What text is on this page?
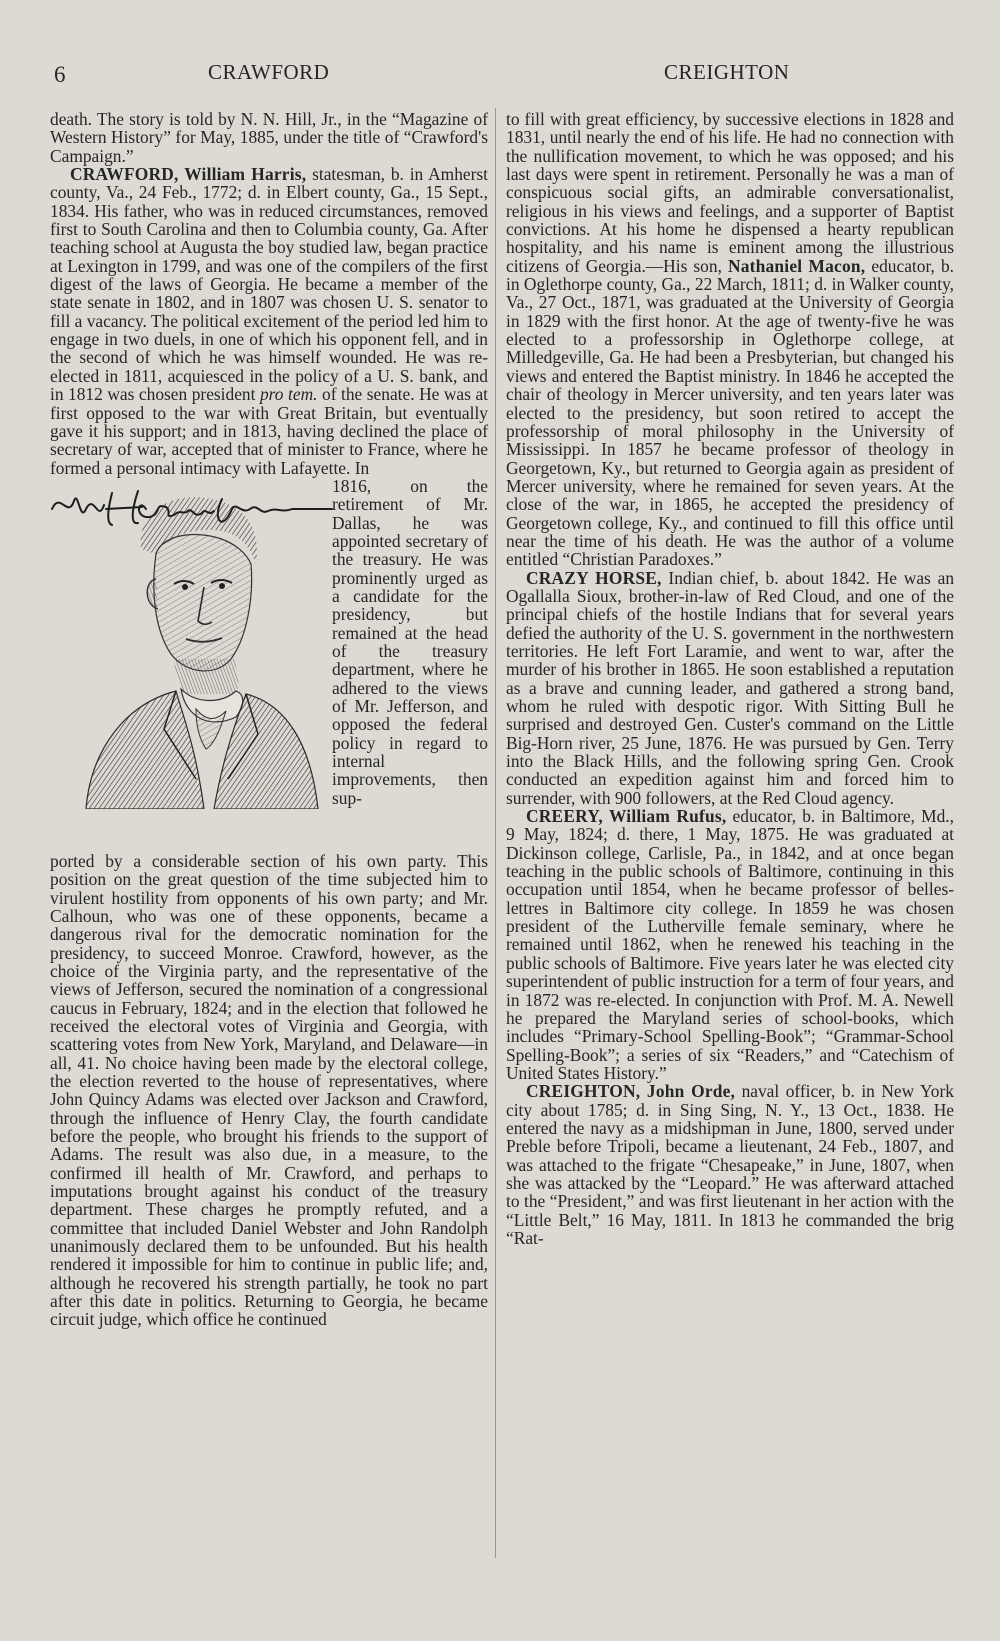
6	CRAWFORD	CREIGHTON

death. The story is told by N. N. Hill, Jr., in the “Magazine of Western History” for May, 1885, under the title of “Crawford's Campaign.”

CRAWFORD, William Harris, statesman, b. in Amherst county, Va., 24 Feb., 1772; d. in Elbert county, Ga., 15 Sept., 1834. His father, who was in reduced circumstances, removed first to South Carolina and then to Columbia county, Ga. After teaching school at Augusta the boy studied law, began practice at Lexington in 1799, and was one of the compilers of the first digest of the laws of Georgia. He became a member of the state senate in 1802, and in 1807 was chosen U. S. senator to fill a vacancy. The political excitement of the period led him to engage in two duels, in one of which his opponent fell, and in the second of which he was himself wounded. He was re-elected in 1811, acquiesced in the policy of a U. S. bank, and in 1812 was chosen president pro tem. of the senate. He was at first opposed to the war with Great Britain, but eventually gave it his support; and in 1813, having declined the place of secretary of war, accepted that of minister to France, where he formed a personal intimacy with Lafayette. In

1816, on the retirement of Mr. Dallas, he was appointed secretary of the treasury. He was prominently urged as a candidate for the presidency, but remained at the head of the treasury department, where he adhered to the views of Mr. Jefferson, and opposed the federal policy in regard to internal improvements, then sup-

ported by a considerable section of his own party. This position on the great question of the time subjected him to virulent hostility from opponents of his own party; and Mr. Calhoun, who was one of these opponents, became a dangerous rival for the democratic nomination for the presidency, to succeed Monroe. Crawford, however, as the choice of the Virginia party, and the representative of the views of Jefferson, secured the nomination of a congressional caucus in February, 1824; and in the election that followed he received the electoral votes of Virginia and Georgia, with scattering votes from New York, Maryland, and Delaware—in all, 41. No choice having been made by the electoral college, the election reverted to the house of representatives, where John Quincy Adams was elected over Jackson and Crawford, through the influence of Henry Clay, the fourth candidate before the people, who brought his friends to the support of Adams. The result was also due, in a measure, to the confirmed ill health of Mr. Crawford, and perhaps to imputations brought against his conduct of the treasury department. These charges he promptly refuted, and a committee that included Daniel Webster and John Randolph unanimously declared them to be unfounded. But his health rendered it impossible for him to continue in public life; and, although he recovered his strength partially, he took no part after this date in politics. Returning to Georgia, he became circuit judge, which office he continued

to fill with great efficiency, by successive elections in 1828 and 1831, until nearly the end of his life. He had no connection with the nullification movement, to which he was opposed; and his last days were spent in retirement. Personally he was a man of conspicuous social gifts, an admirable conversationalist, religious in his views and feelings, and a supporter of Baptist convictions. At his home he dispensed a hearty republican hospitality, and his name is eminent among the illustrious citizens of Georgia.—His son, Nathaniel Macon, educator, b. in Oglethorpe county, Ga., 22 March, 1811; d. in Walker county, Va., 27 Oct., 1871, was graduated at the University of Georgia in 1829 with the first honor. At the age of twenty-five he was elected to a professorship in Oglethorpe college, at Milledgeville, Ga. He had been a Presbyterian, but changed his views and entered the Baptist ministry. In 1846 he accepted the chair of theology in Mercer university, and ten years later was elected to the presidency, but soon retired to accept the professorship of moral philosophy in the University of Mississippi. In 1857 he became professor of theology in Georgetown, Ky., but returned to Georgia again as president of Mercer university, where he remained for seven years. At the close of the war, in 1865, he accepted the presidency of Georgetown college, Ky., and continued to fill this office until near the time of his death. He was the author of a volume entitled “Christian Paradoxes.”

CRAZY HORSE, Indian chief, b. about 1842. He was an Ogallalla Sioux, brother-in-law of Red Cloud, and one of the principal chiefs of the hostile Indians that for several years defied the authority of the U. S. government in the northwestern territories. He left Fort Laramie, and went to war, after the murder of his brother in 1865. He soon established a reputation as a brave and cunning leader, and gathered a strong band, whom he ruled with despotic rigor. With Sitting Bull he surprised and destroyed Gen. Custer's command on the Little Big-Horn river, 25 June, 1876. He was pursued by Gen. Terry into the Black Hills, and the following spring Gen. Crook conducted an expedition against him and forced him to surrender, with 900 followers, at the Red Cloud agency.

CREERY, William Rufus, educator, b. in Baltimore, Md., 9 May, 1824; d. there, 1 May, 1875. He was graduated at Dickinson college, Carlisle, Pa., in 1842, and at once began teaching in the public schools of Baltimore, continuing in this occupation until 1854, when he became professor of belles-lettres in Baltimore city college. In 1859 he was chosen president of the Lutherville female seminary, where he remained until 1862, when he renewed his teaching in the public schools of Baltimore. Five years later he was elected city superintendent of public instruction for a term of four years, and in 1872 was re-elected. In conjunction with Prof. M. A. Newell he prepared the Maryland series of school-books, which includes “Primary-School Spelling-Book”; “Grammar-School Spelling-Book”; a series of six “Readers,” and “Catechism of United States History.”

CREIGHTON, John Orde, naval officer, b. in New York city about 1785; d. in Sing Sing, N. Y., 13 Oct., 1838. He entered the navy as a midshipman in June, 1800, served under Preble before Tripoli, became a lieutenant, 24 Feb., 1807, and was attached to the frigate “Chesapeake,” in June, 1807, when she was attacked by the “Leopard.” He was afterward attached to the “President,” and was first lieutenant in her action with the “Little Belt,” 16 May, 1811. In 1813 he commanded the brig “Rat-
